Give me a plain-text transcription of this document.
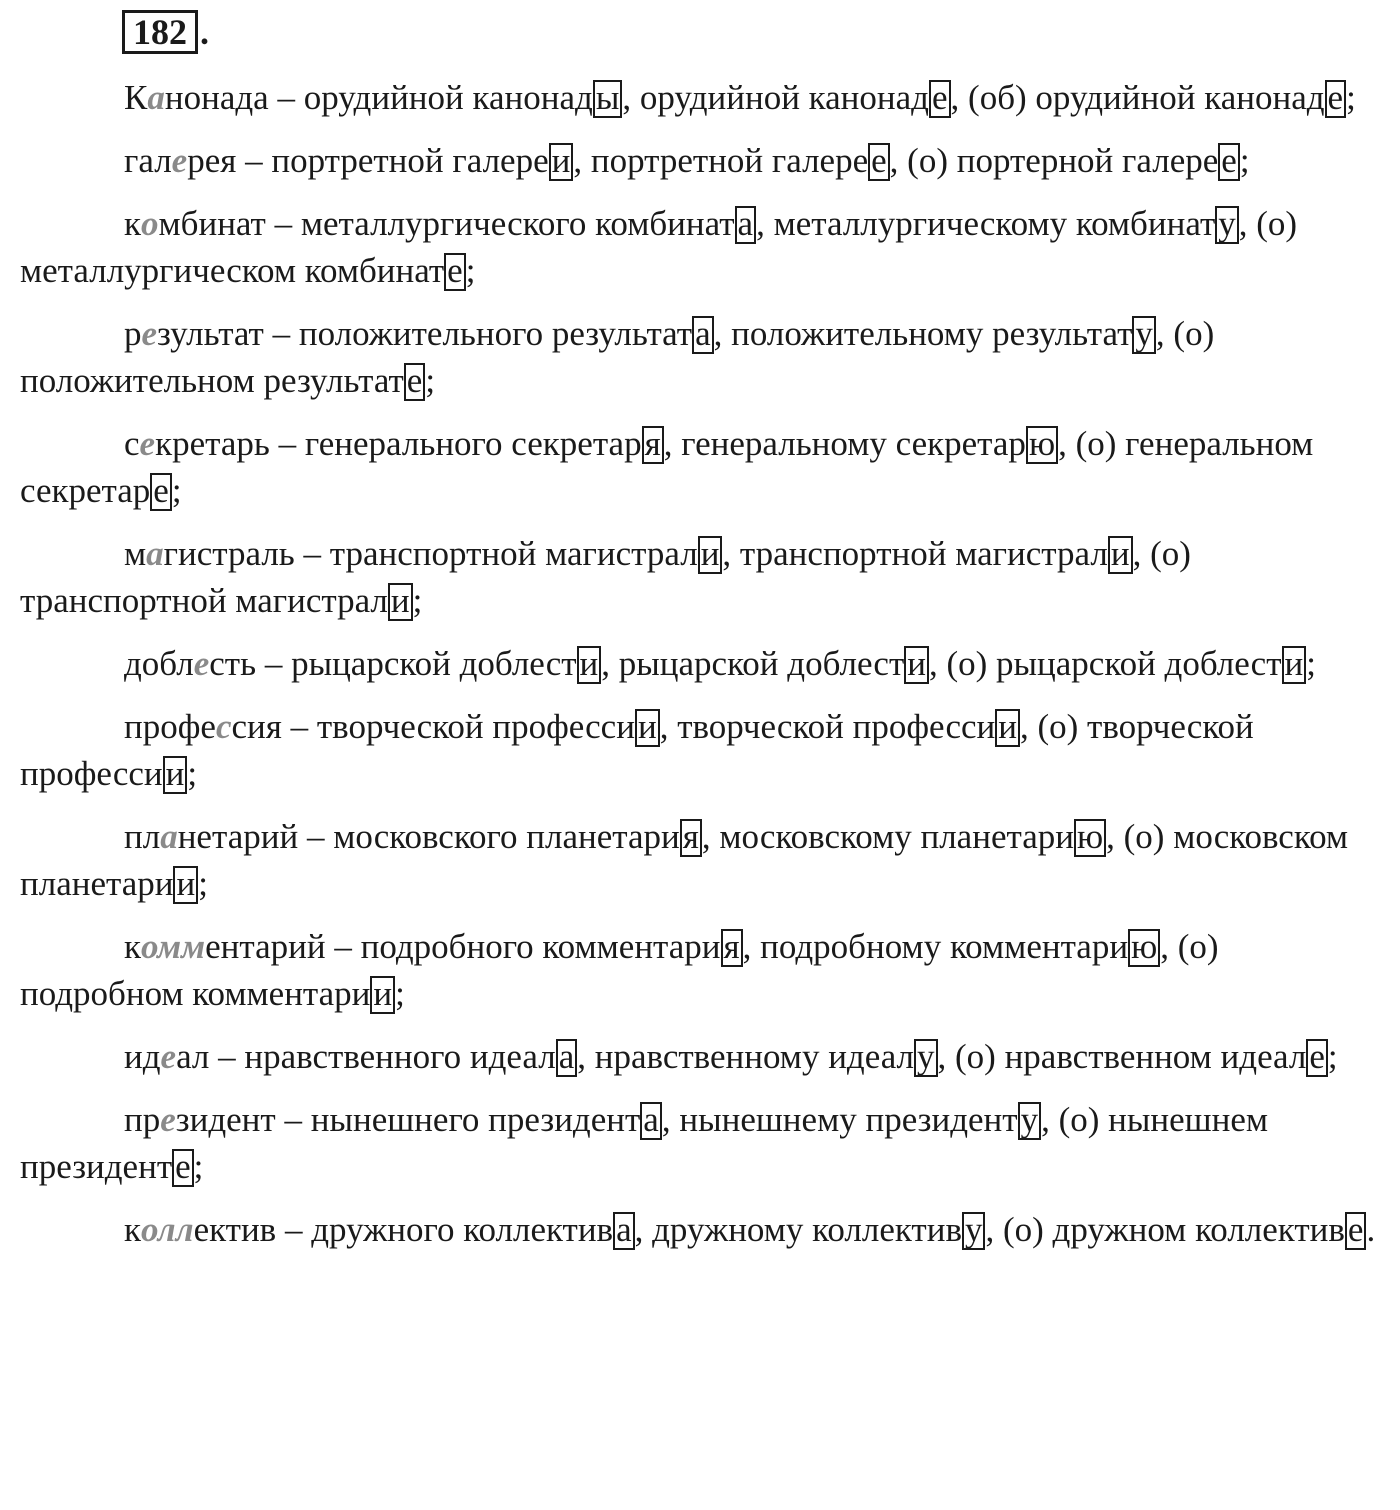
182 .

Канонада – орудийной канонады, орудийной канонаде, (об) орудийной канонаде;

галерея – портретной галереи, портретной галерее, (о) портерной галерее;

комбинат – металлургического комбината, металлургическому комбинату, (о) металлургическом комбинате;

результат – положительного результата, положительному результату, (о) положительном результате;

секретарь – генерального секретаря, генеральному секретарю, (о) генеральном секретаре;

магистраль – транспортной магистрали, транспортной магистрали, (о) транспортной магистрали;

доблесть – рыцарской доблести, рыцарской доблести, (о) рыцарской доблести;

профессия – творческой профессии, творческой профессии, (о) творческой профессии;

планетарий – московского планетария, московскому планетарию, (о) московском планетарии;

комментарий – подробного комментария, подробному комментарию, (о) подробном комментарии;

идеал – нравственного идеала, нравственному идеалу, (о) нравственном идеале;

президент – нынешнего президента, нынешнему президенту, (о) нынешнем президенте;

коллектив – дружного коллектива, дружному коллективу, (о) дружном коллективе.
